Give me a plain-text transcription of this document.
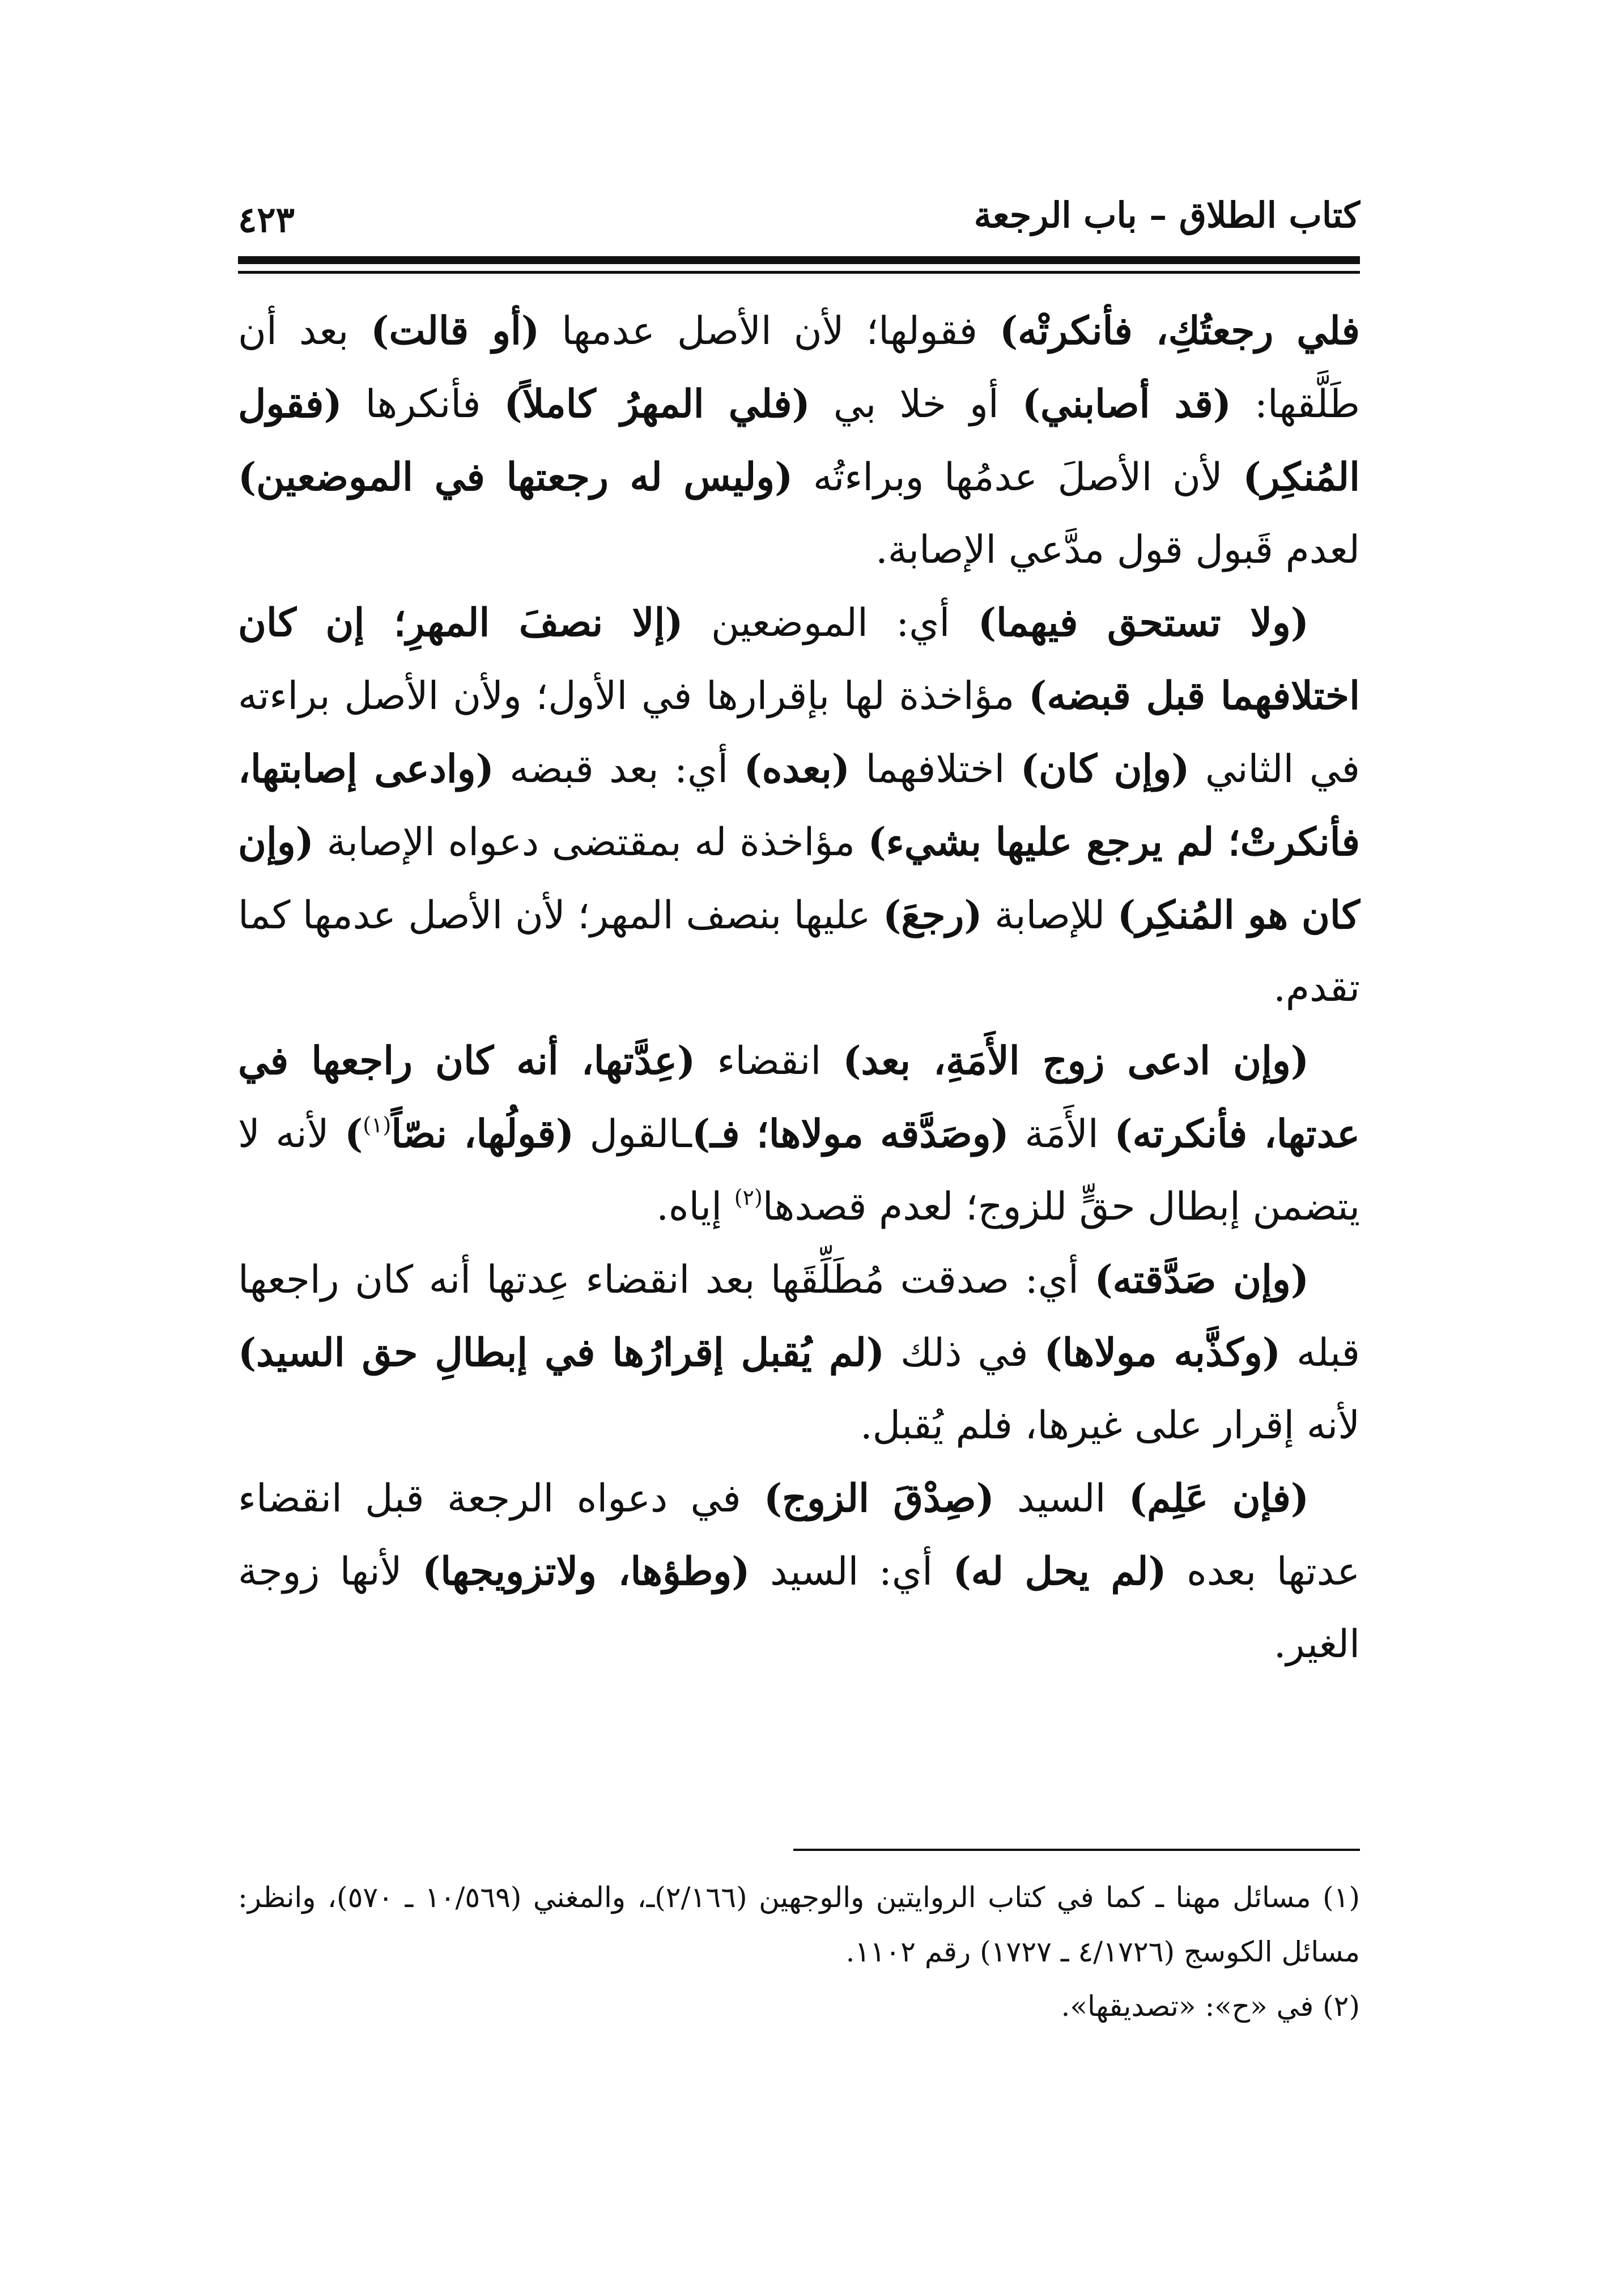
كتاب الطلاق – باب الرجعة
٤٢٣

فلي رجعتُكِ، فأنكرتْه) فقولها؛ لأن الأصل عدمها (أو قالت) بعد أن طَلَّقها: (قد أصابني) أو خلا بي (فلي المهرُ كاملاً) فأنكرها (فقول المُنكِر) لأن الأصلَ عدمُها وبراءتُه (وليس له رجعتها في الموضعين) لعدم قَبول قول مدَّعي الإصابة.

(ولا تستحق فيهما) أي: الموضعين (إلا نصفَ المهرِ؛ إن كان اختلافهما قبل قبضه) مؤاخذة لها بإقرارها في الأول؛ ولأن الأصل براءته في الثاني (وإن كان) اختلافهما (بعده) أي: بعد قبضه (وادعى إصابتها، فأنكرتْ؛ لم يرجع عليها بشيء) مؤاخذة له بمقتضى دعواه الإصابة (وإن كان هو المُنكِر) للإصابة (رجعَ) عليها بنصف المهر؛ لأن الأصل عدمها كما تقدم.

(وإن ادعى زوج الأَمَةِ، بعد) انقضاء (عِدَّتها، أنه كان راجعها في عدتها، فأنكرته) الأَمَة (وصَدَّقه مولاها؛ فـ)ـالقول (قولُها، نصّاً$^{(١)}$) لأنه لا يتضمن إبطال حقٍّ للزوج؛ لعدم قصدها$^{(٢)}$ إياه.

(وإن صَدَّقته) أي: صدقت مُطَلِّقَها بعد انقضاء عِدتها أنه كان راجعها قبله (وكذَّبه مولاها) في ذلك (لم يُقبل إقرارُها في إبطالِ حق السيد) لأنه إقرار على غيرها، فلم يُقبل.

(فإن عَلِم) السيد (صِدْقَ الزوج) في دعواه الرجعة قبل انقضاء عدتها بعده (لم يحل له) أي: السيد (وطؤها، ولاتزويجها) لأنها زوجة الغير.

(١) مسائل مهنا ـ كما في كتاب الروايتين والوجهين (٢/١٦٦)ـ، والمغني (١٠/٥٦٩ ـ ٥٧٠)، وانظر: مسائل الكوسج (٤/١٧٢٦ ـ ١٧٢٧) رقم ١١٠٢.

(٢) في «ح»: «تصديقها».
